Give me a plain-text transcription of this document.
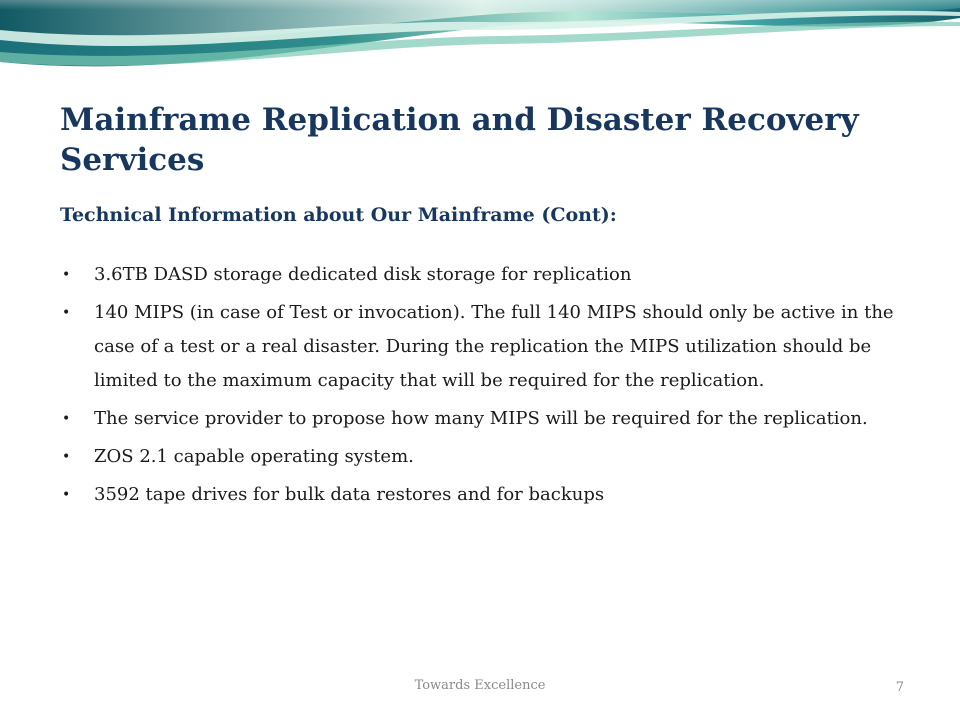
Mainframe Replication and Disaster Recovery Services
Technical Information about Our Mainframe (Cont):
• 3.6TB DASD storage dedicated disk storage for replication
• 140 MIPS (in case of Test or invocation). The full 140 MIPS should only be active in the case of a test or a real disaster. During the replication the MIPS utilization should be limited to the maximum capacity that will be required for the replication.
• The service provider to propose how many MIPS will be required for the replication.
• ZOS 2.1 capable operating system.
• 3592 tape drives for bulk data restores and for backups
Towards Excellence	7
